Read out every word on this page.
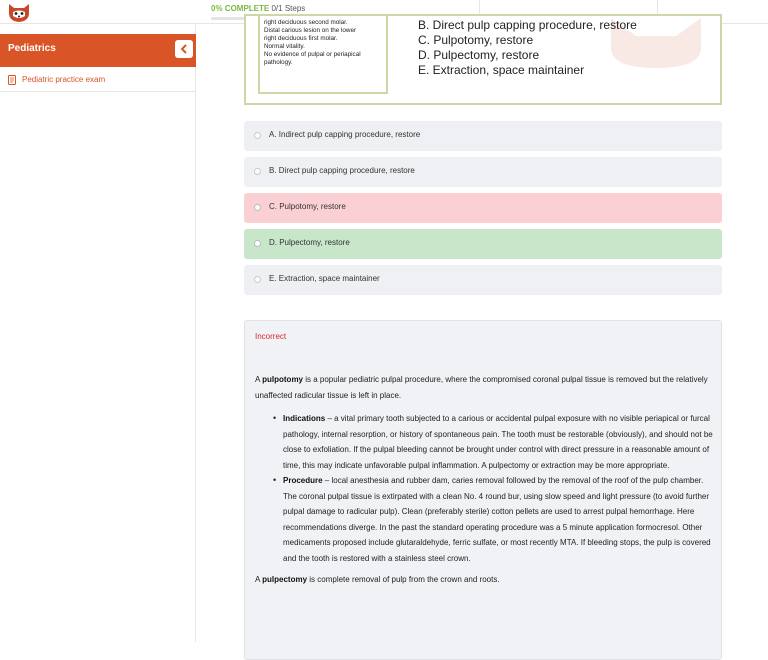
0% COMPLETE 0/1 Steps
Pediatrics
Pediatric practice exam
right deciduous second molar.
Distal carious lesion on the lower
right deciduous first molar.
Normal vitality.
No evidence of pulpal or periapical
pathology.
B. Direct pulp capping procedure, restore
C. Pulpotomy, restore
D. Pulpectomy, restore
E. Extraction, space maintainer
A. Indirect pulp capping procedure, restore
B. Direct pulp capping procedure, restore
C. Pulpotomy, restore
D. Pulpectomy, restore
E. Extraction, space maintainer
Incorrect

A pulpotomy is a popular pediatric pulpal procedure, where the compromised coronal pulpal tissue is removed but the relatively unaffected radicular tissue is left in place.

• Indications – a vital primary tooth subjected to a carious or accidental pulpal exposure with no visible periapical or furcal pathology, internal resorption, or history of spontaneous pain. The tooth must be restorable (obviously), and should not be close to exfoliation. If the pulpal bleeding cannot be brought under control with direct pressure in a reasonable amount of time, this may indicate unfavorable pulpal inflammation. A pulpectomy or extraction may be more appropriate.
• Procedure – local anesthesia and rubber dam, caries removal followed by the removal of the roof of the pulp chamber. The coronal pulpal tissue is extirpated with a clean No. 4 round bur, using slow speed and light pressure (to avoid further pulpal damage to radicular pulp). Clean (preferably sterile) cotton pellets are used to arrest pulpal hemorrhage. Here recommendations diverge. In the past the standard operating procedure was a 5 minute application formocresol. Other medicaments proposed include glutaraldehyde, ferric sulfate, or most recently MTA. If bleeding stops, the pulp is covered and the tooth is restored with a stainless steel crown.

A pulpectomy is complete removal of pulp from the crown and roots.
